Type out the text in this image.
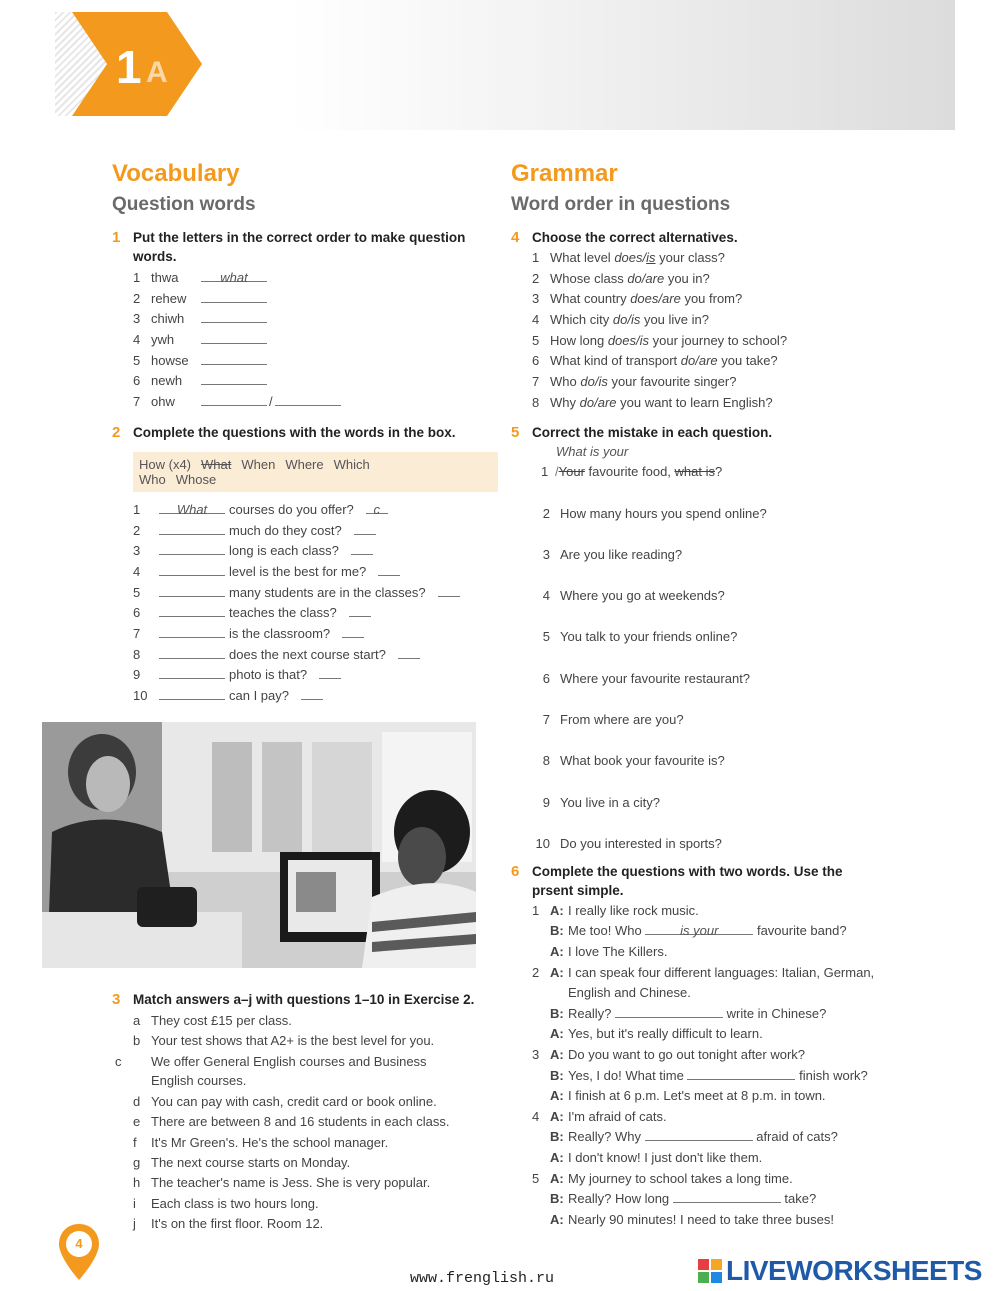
1 A
Vocabulary
Question words
1 Put the letters in the correct order to make question words.
1 thwa	what
2 rehew
3 chiwh
4 ywh
5 howse
6 newh
7 ohw	/
2 Complete the questions with the words in the box.
How (x4) What When Where Which
Who Whose
1	What courses do you offer? c
2	much do they cost?
3	long is each class?
4	level is the best for me?
5	many students are in the classes?
6	teaches the class?
7	is the classroom?
8	does the next course start?
9	photo is that?
10	can I pay?
3 Match answers a–j with questions 1–10 in Exercise 2.
a They cost £15 per class.
b Your test shows that A2+ is the best level for you.
c We offer General English courses and Business English courses.
d You can pay with cash, credit card or book online.
e There are between 8 and 16 students in each class.
f It's Mr Green's. He's the school manager.
g The next course starts on Monday.
h The teacher's name is Jess. She is very popular.
i Each class is two hours long.
j It's on the first floor. Room 12.
Grammar
Word order in questions
4 Choose the correct alternatives.
1 What level does/is your class?
2 Whose class do/are you in?
3 What country does/are you from?
4 Which city do/is you live in?
5 How long does/is your journey to school?
6 What kind of transport do/are you take?
7 Who do/is your favourite singer?
8 Why do/are you want to learn English?
5 Correct the mistake in each question.
What is your
1 /Your favourite food, what is?
2 How many hours you spend online?
3 Are you like reading?
4 Where you go at weekends?
5 You talk to your friends online?
6 Where your favourite restaurant?
7 From where are you?
8 What book your favourite is?
9 You live in a city?
10 Do you interested in sports?
6 Complete the questions with two words. Use the prsent simple.
1 A: I really like rock music.
B: Me too! Who	is your	favourite band?
A: I love The Killers.
2 A: I can speak four different languages: Italian, German,
English and Chinese.
B: Really?	write in Chinese?
A: Yes, but it's really difficult to learn.
3 A: Do you want to go out tonight after work?
B: Yes, I do! What time	finish work?
A: I finish at 6 p.m. Let's meet at 8 p.m. in town.
4 A: I'm afraid of cats.
B: Really? Why	afraid of cats?
A: I don't know! I just don't like them.
5 A: My journey to school takes a long time.
B: Really? How long	take?
A: Nearly 90 minutes! I need to take three buses!
4
www.frenglish.ru	LIVEWORKSHEETS
